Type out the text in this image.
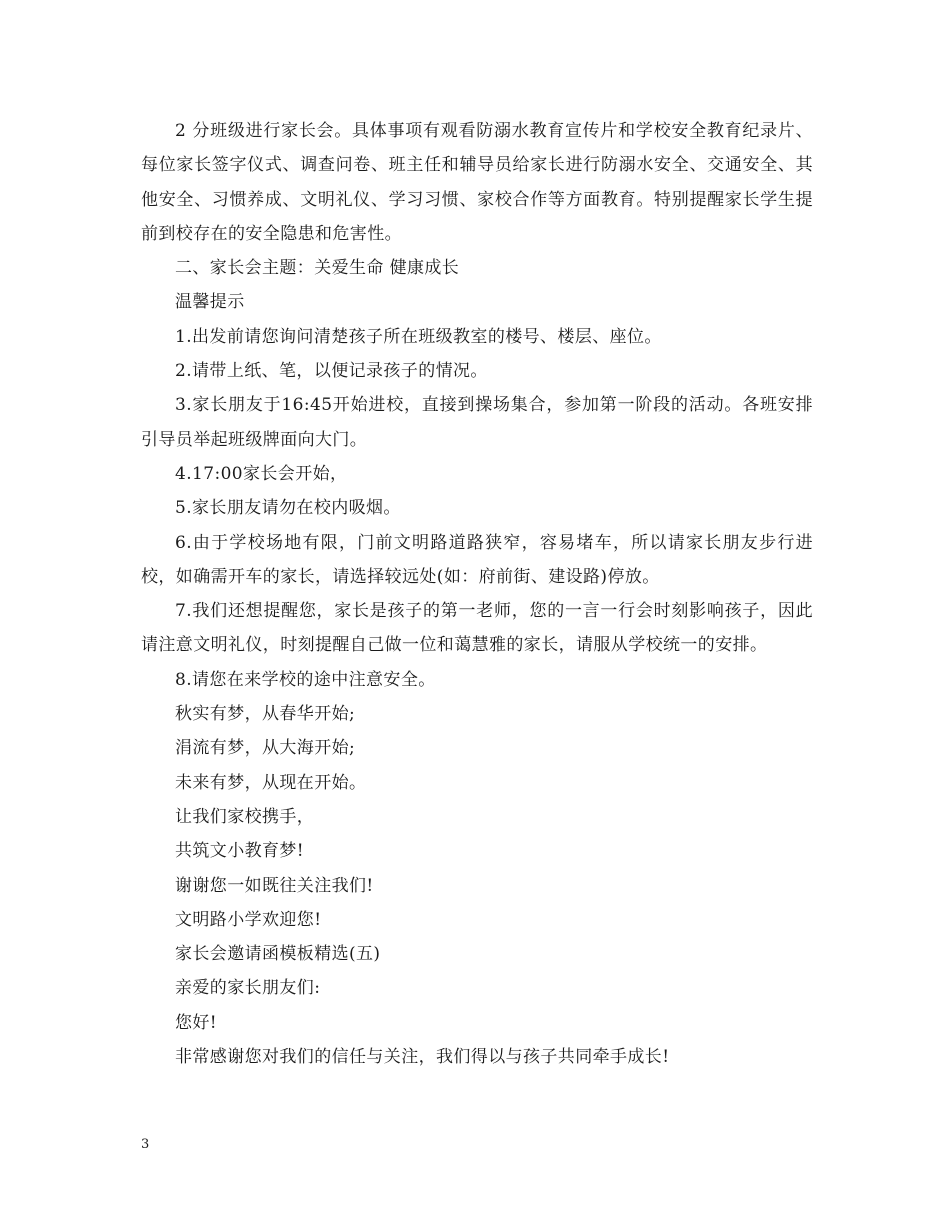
2 分班级进行家长会。具体事项有观看防溺水教育宣传片和学校安全教育纪录片、每位家长签字仪式、调查问卷、班主任和辅导员给家长进行防溺水安全、交通安全、其他安全、习惯养成、文明礼仪、学习习惯、家校合作等方面教育。特别提醒家长学生提前到校存在的安全隐患和危害性。

二、家长会主题：关爱生命 健康成长

温馨提示

1.出发前请您询问清楚孩子所在班级教室的楼号、楼层、座位。

2.请带上纸、笔，以便记录孩子的情况。

3.家长朋友于16:45开始进校，直接到操场集合，参加第一阶段的活动。各班安排引导员举起班级牌面向大门。

4.17:00家长会开始，

5.家长朋友请勿在校内吸烟。

6.由于学校场地有限，门前文明路道路狭窄，容易堵车，所以请家长朋友步行进校，如确需开车的家长，请选择较远处(如：府前街、建设路)停放。

7.我们还想提醒您，家长是孩子的第一老师，您的一言一行会时刻影响孩子，因此请注意文明礼仪，时刻提醒自己做一位和蔼慧雅的家长，请服从学校统一的安排。

8.请您在来学校的途中注意安全。

秋实有梦，从春华开始;

涓流有梦，从大海开始;

未来有梦，从现在开始。

让我们家校携手，

共筑文小教育梦!

谢谢您一如既往关注我们!

文明路小学欢迎您!

家长会邀请函模板精选(五)

亲爱的家长朋友们:

您好!

非常感谢您对我们的信任与关注，我们得以与孩子共同牵手成长!

3
